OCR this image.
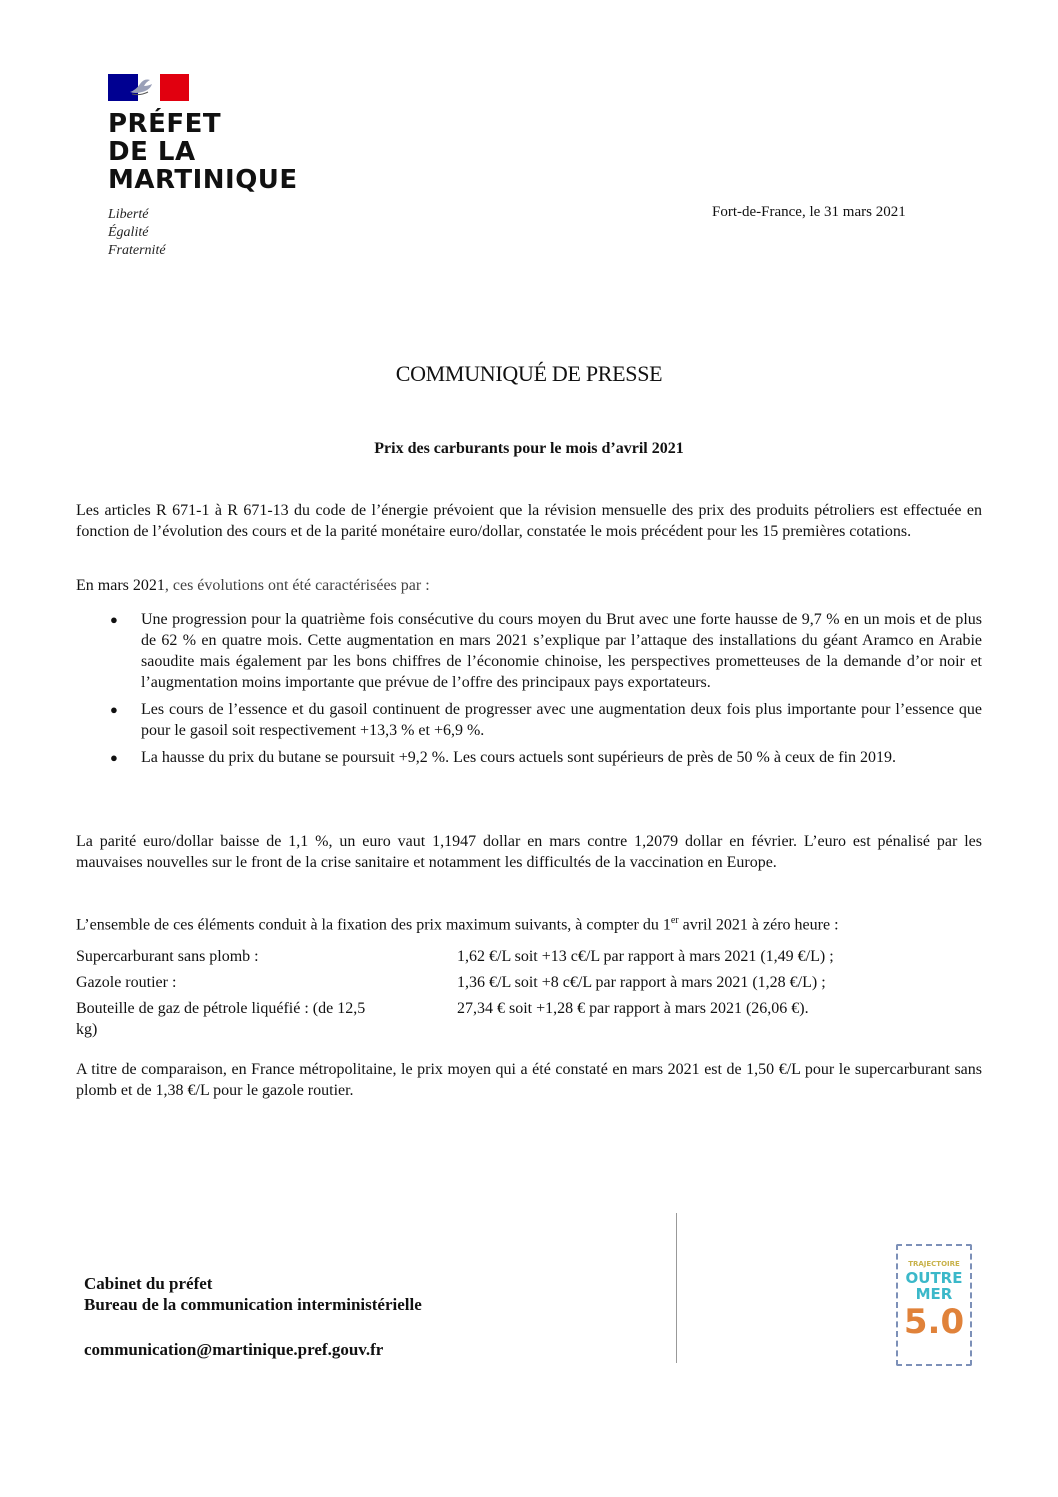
PRÉFET
DE LA
MARTINIQUE
Liberté
Égalité
Fraternité
Fort-de-France, le 31 mars 2021
COMMUNIQUÉ DE PRESSE
Prix des carburants pour le mois d’avril 2021
Les articles R 671-1 à R 671-13 du code de l’énergie prévoient que la révision mensuelle des prix des produits pétroliers est effectuée en fonction de l’évolution des cours et de la parité monétaire euro/dollar, constatée le mois précédent pour les 15 premières cotations.
En mars 2021, ces évolutions ont été caractérisées par :
● Une progression pour la quatrième fois consécutive du cours moyen du Brut avec une forte hausse de 9,7 % en un mois et de plus de 62 % en quatre mois. Cette augmentation en mars 2021 s’explique par l’attaque des installations du géant Aramco en Arabie saoudite mais également par les bons chiffres de l’économie chinoise, les perspectives prometteuses de la demande d’or noir et l’augmentation moins importante que prévue de l’offre des principaux pays exportateurs.
● Les cours de l’essence et du gasoil continuent de progresser avec une augmentation deux fois plus importante pour l’essence que pour le gasoil soit respectivement +13,3 % et +6,9 %.
● La hausse du prix du butane se poursuit +9,2 %. Les cours actuels sont supérieurs de près de 50 % à ceux de fin 2019.
La parité euro/dollar baisse de 1,1 %, un euro vaut 1,1947 dollar en mars contre 1,2079 dollar en février. L’euro est pénalisé par les mauvaises nouvelles sur le front de la crise sanitaire et notamment les difficultés de la vaccination en Europe.
L’ensemble de ces éléments conduit à la fixation des prix maximum suivants, à compter du 1er avril 2021 à zéro heure :
Supercarburant sans plomb :	1,62 €/L soit +13 c€/L par rapport à mars 2021 (1,49 €/L) ;
Gazole routier :	1,36 €/L soit +8 c€/L par rapport à mars 2021 (1,28 €/L) ;
Bouteille de gaz de pétrole liquéfié : (de 12,5 kg)
27,34 € soit +1,28 € par rapport à mars 2021 (26,06 €).
A titre de comparaison, en France métropolitaine, le prix moyen qui a été constaté en mars 2021 est de 1,50 €/L pour le supercarburant sans plomb et de 1,38 €/L pour le gazole routier.
Cabinet du préfet
Bureau de la communication interministérielle
communication@martinique.pref.gouv.fr
TRAJECTOIRE
OUTRE
MER
5.0
